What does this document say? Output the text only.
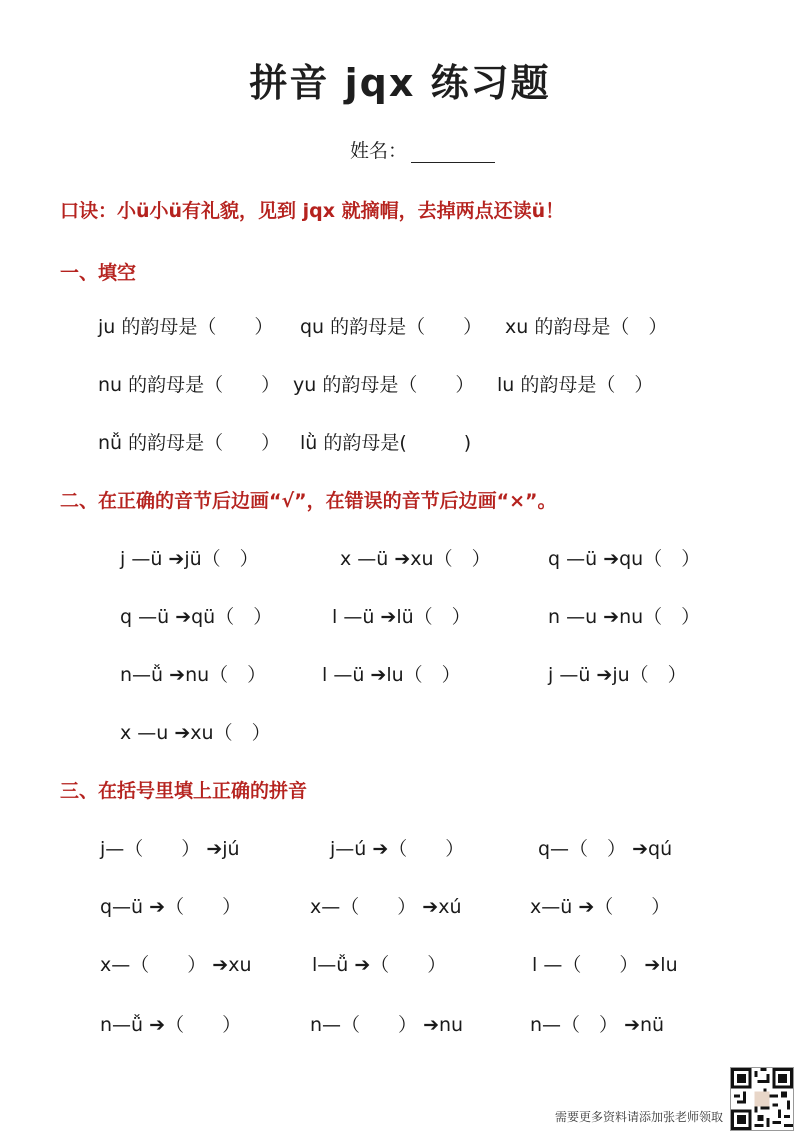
拼音 jqx 练习题
姓名：
口诀：小ü小ü有礼貌，见到 jqx 就摘帽，去掉两点还读ü！
一、填空
ju 的韵母是（　　） qu 的韵母是（　　） xu 的韵母是（　）
nu 的韵母是（　　） yu 的韵母是（　　） lu 的韵母是（　）
nǚ 的韵母是（　　） lǜ 的韵母是(　　　)
二、在正确的音节后边画“√”，在错误的音节后边画“×”。
j —ü ➔jü（　）	x —ü ➔xu（　）	q —ü ➔qu（　）
q —ü ➔qü（　）	l —ü ➔lü（　）	n —u ➔nu（　）
n—ǚ ➔nu（　）	l —ü ➔lu（　）	j —ü ➔ju（　）
x —u ➔xu（　）
三、在括号里填上正确的拼音
j—（　　） ➔jú	j—ú ➔（　　）	q—（　） ➔qú
q—ü ➔（　　）	x—（　　） ➔xú	x—ü ➔（　　）
x—（　　） ➔xu	l—ǚ ➔（　　）	l —（　　） ➔lu
n—ǚ ➔（　　）	n—（　　） ➔nu	n—（　） ➔nü
需要更多资料请添加张老师领取
